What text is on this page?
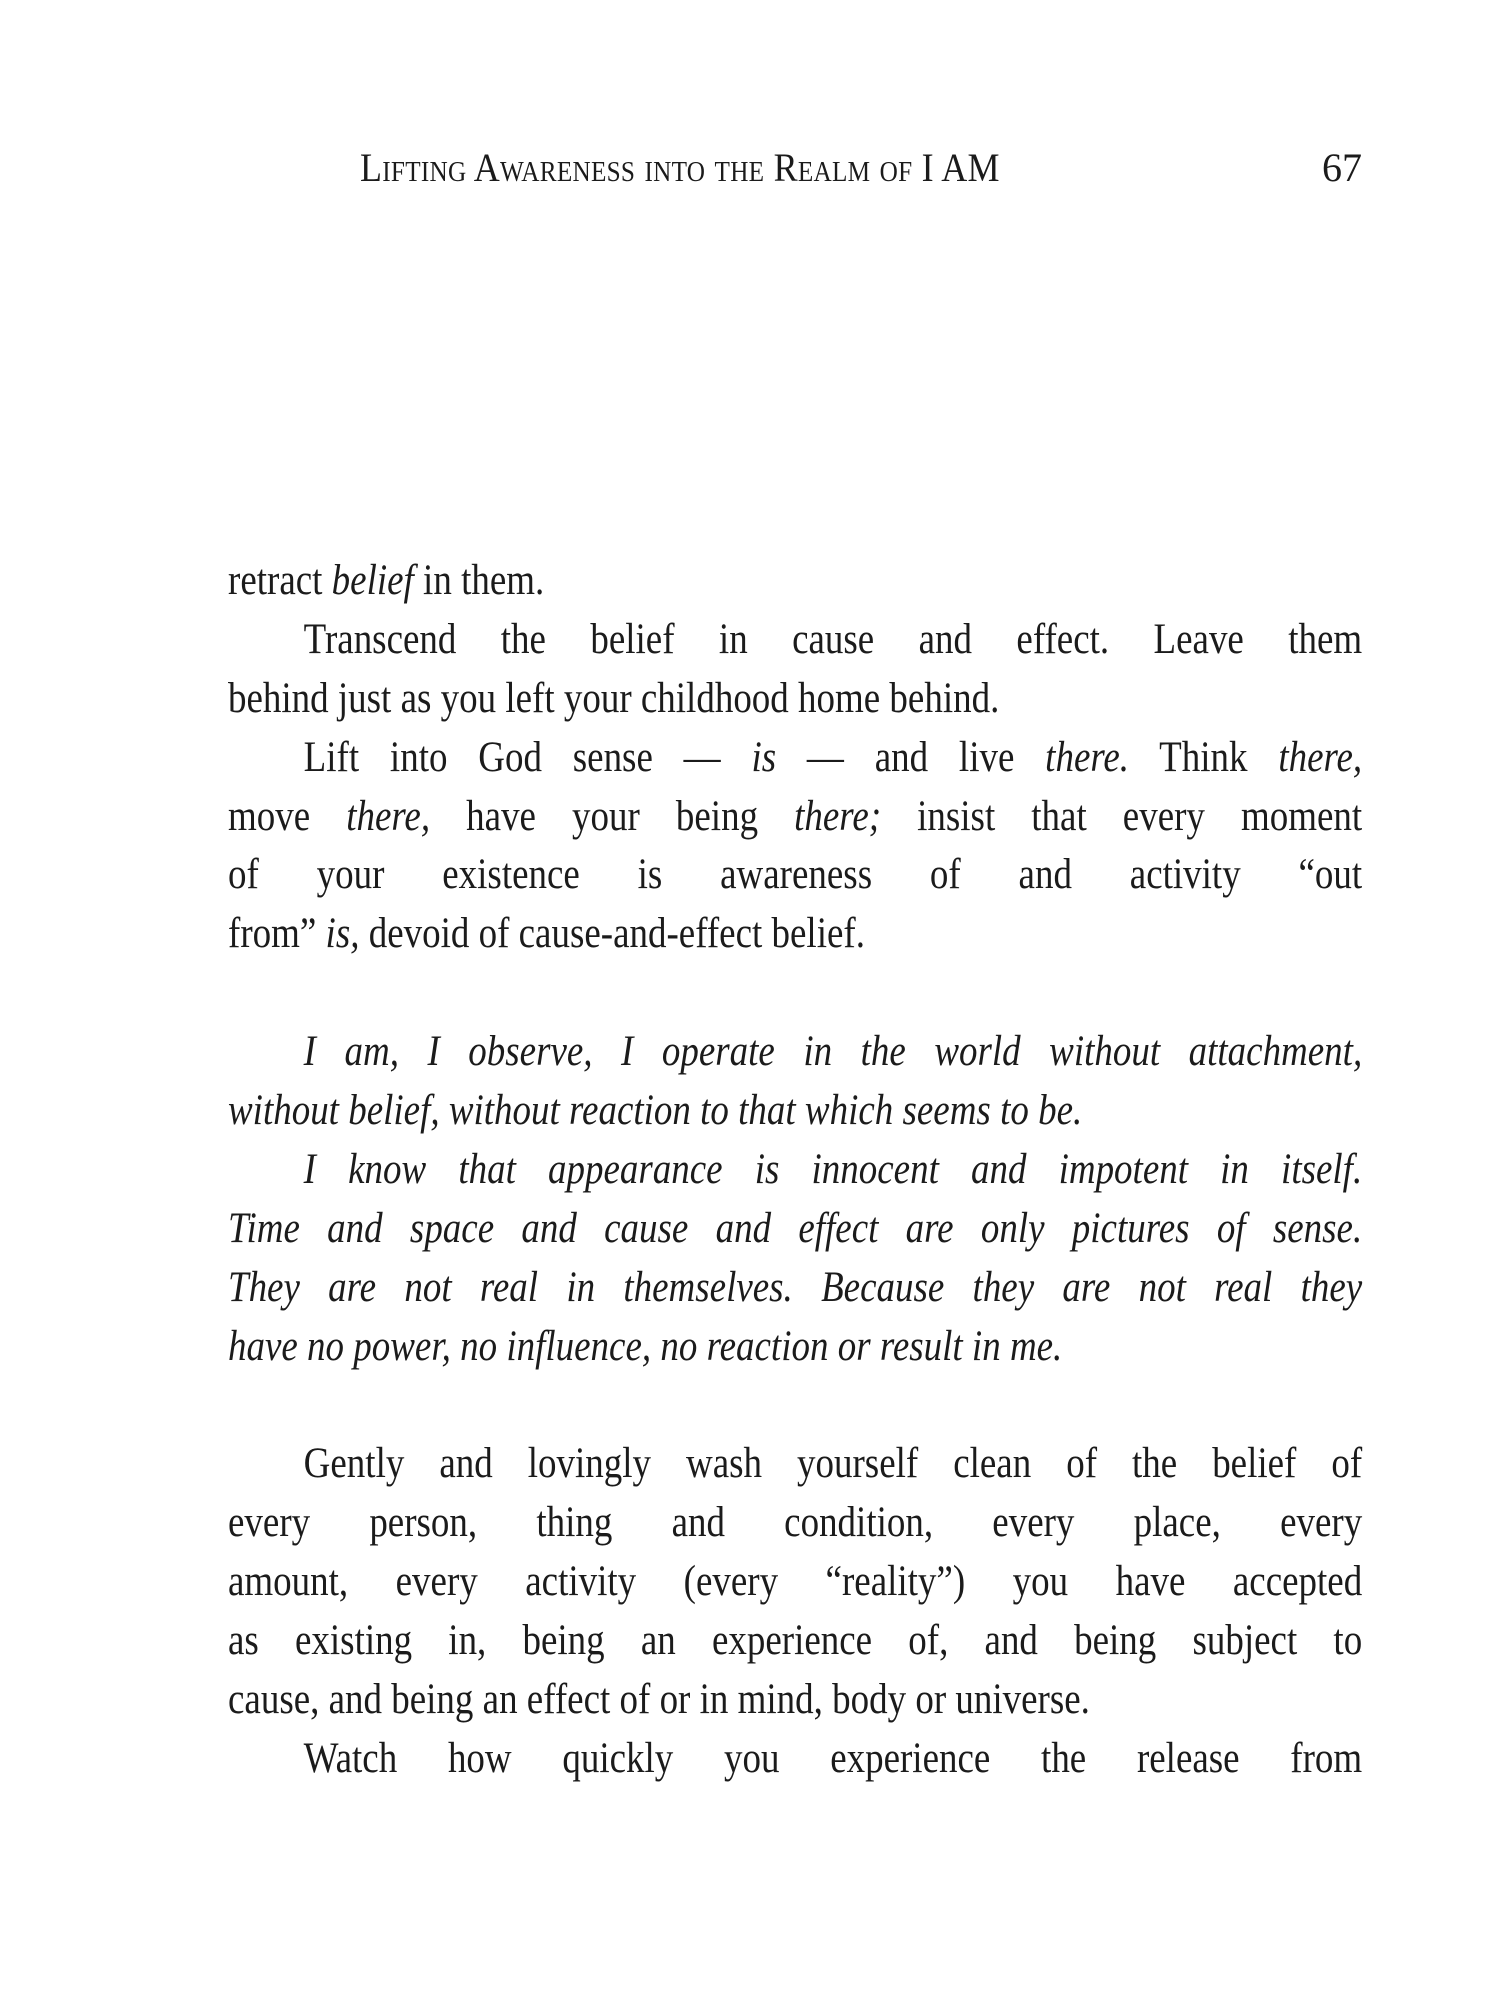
Lifting Awareness into the Realm of I AM	67
retract belief in them.
Transcend the belief in cause and effect. Leave them
behind just as you left your childhood home behind.
Lift into God sense — is — and live there. Think there,
move there, have your being there; insist that every moment
of your existence is awareness of and activity “out
from” is, devoid of cause-and-effect belief.
I am, I observe, I operate in the world without attachment,
without belief, without reaction to that which seems to be.
I know that appearance is innocent and impotent in itself.
Time and space and cause and effect are only pictures of sense.
They are not real in themselves. Because they are not real they
have no power, no influence, no reaction or result in me.
Gently and lovingly wash yourself clean of the belief of
every person, thing and condition, every place, every
amount, every activity (every “reality”) you have accepted
as existing in, being an experience of, and being subject to
cause, and being an effect of or in mind, body or universe.
Watch how quickly you experience the release from
